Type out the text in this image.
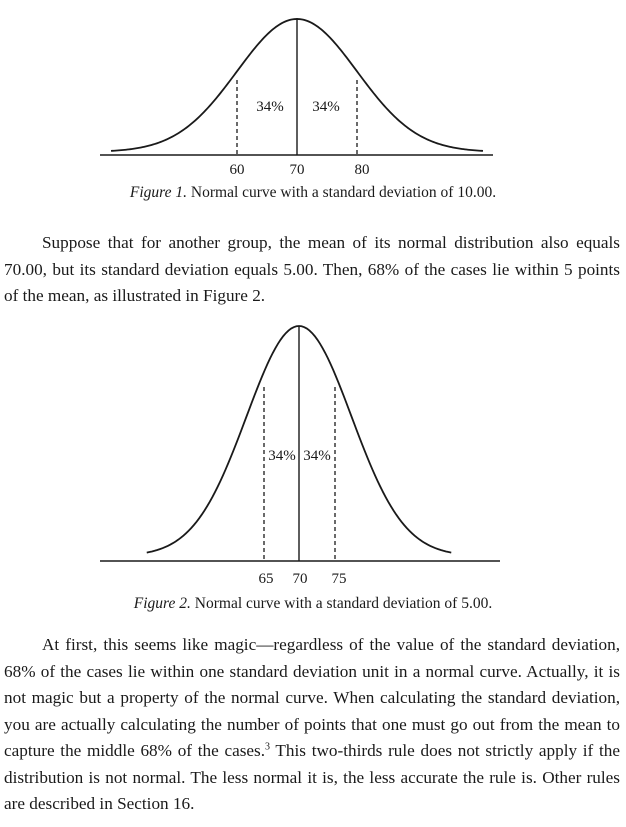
34% 34%
60	70	80
Figure 1. Normal curve with a standard deviation of 10.00.

Suppose that for another group, the mean of its normal distribution also equals 70.00, but its standard deviation equals 5.00. Then, 68% of the cases lie within 5 points of the mean, as illustrated in Figure 2.

34% 34%
65 70 75
Figure 2. Normal curve with a standard deviation of 5.00.

At first, this seems like magic—regardless of the value of the standard deviation, 68% of the cases lie within one standard deviation unit in a normal curve. Actually, it is not magic but a property of the normal curve. When calculating the standard deviation, you are actually calculating the number of points that one must go out from the mean to capture the middle 68% of the cases.$^3$ This two-thirds rule does not strictly apply if the distribution is not normal. The less normal it is, the less accurate the rule is. Other rules are described in Section 16.
